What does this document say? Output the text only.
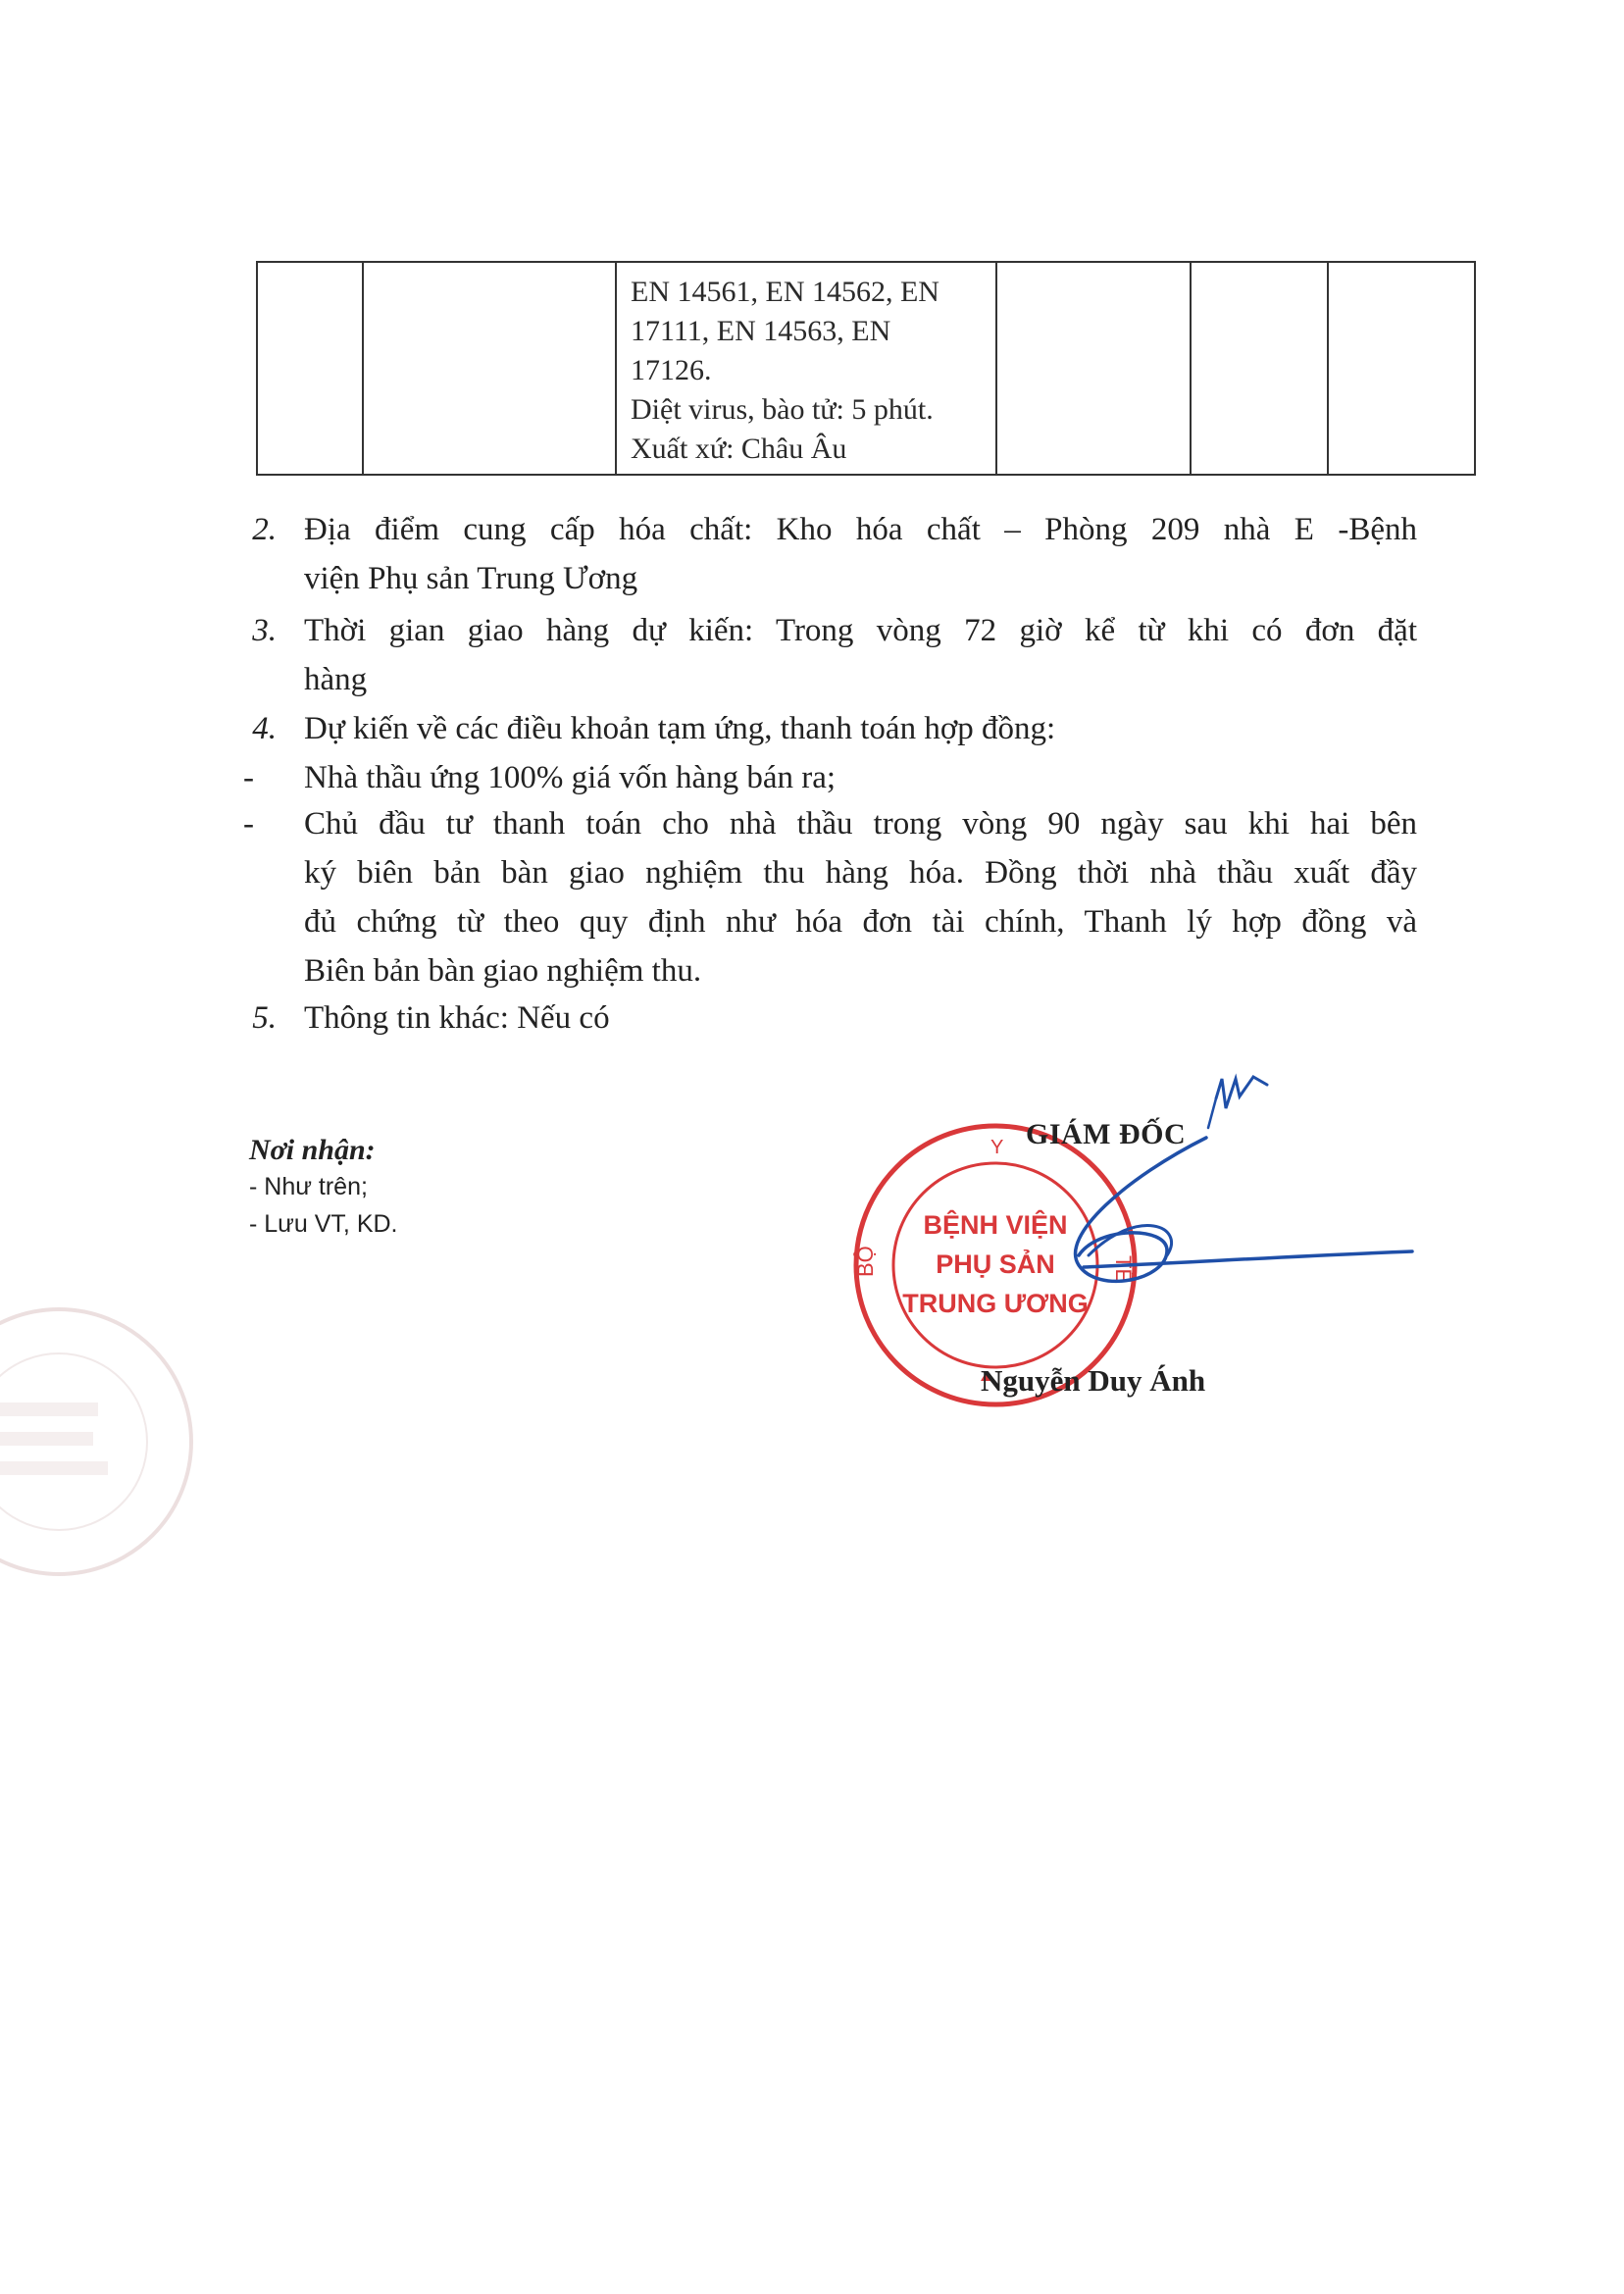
EN 14561, EN 14562, EN
17111, EN 14563, EN
17126.
Diệt virus, bào tử: 5 phút.
Xuất xứ: Châu Âu

2. Địa điểm cung cấp hóa chất: Kho hóa chất – Phòng 209 nhà E -Bệnh
viện Phụ sản Trung Ương
3. Thời gian giao hàng dự kiến: Trong vòng 72 giờ kể từ khi có đơn đặt
hàng
4. Dự kiến về các điều khoản tạm ứng, thanh toán hợp đồng:
- Nhà thầu ứng 100% giá vốn hàng bán ra;
- Chủ đầu tư thanh toán cho nhà thầu trong vòng 90 ngày sau khi hai bên
ký biên bản bàn giao nghiệm thu hàng hóa. Đồng thời nhà thầu xuất đầy
đủ chứng từ theo quy định như hóa đơn tài chính, Thanh lý hợp đồng và
Biên bản bàn giao nghiệm thu.
5. Thông tin khác: Nếu có
Nơi nhận:
- Như trên;
- Lưu VT, KD.
Y
BỘ	TẾ
BỆNH VIỆN
PHỤ SẢN
TRUNG ƯƠNG
GIÁM ĐỐC
Nguyễn Duy Ánh
